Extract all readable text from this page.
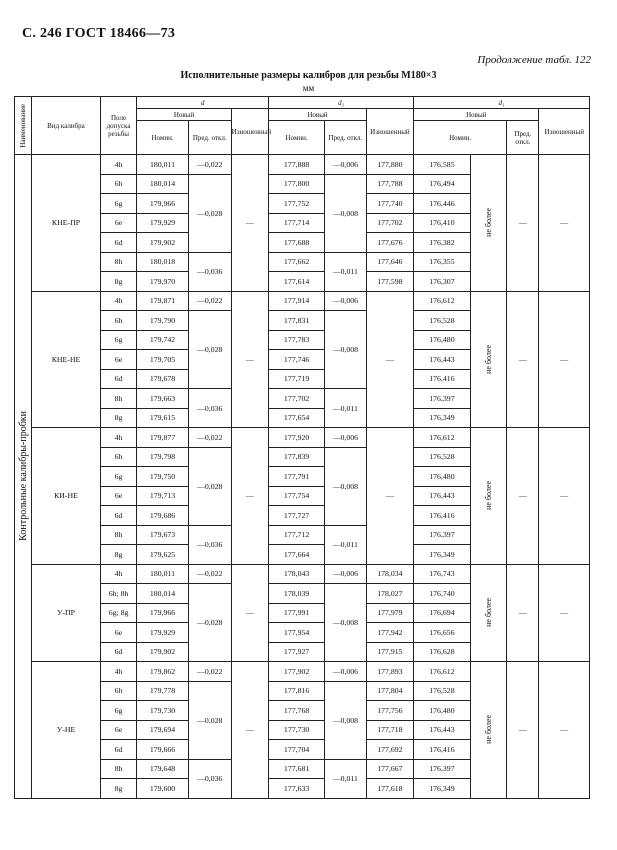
С. 246 ГОСТ 18466—73
Продолжение табл. 122
Исполнительные размеры калибров для резьбы М180×3
мм
Наименование	Вид калибра	Поле допуска резьбы	d			d₂			d₁			
			Новый		Изношенный	Новый		Изношенный	Новый			Изношенный
			Номин.	Пред. откл.		Номин.	Пред. откл.		Номин.		Пред. откл.	

Контрольные калибры-пробки	КНЕ-ПР	4h	180,011	—0,022	—	177,888	—0,006	177,880	176,585	не более	—	—
		6h	180,014	—0,028		177,800	—0,008	177,788	176,494			
		6g	179,966			177,752		177,740	176,446			
		6e	179,929			177,714		177,702	176,410			
		6d	179,902			177,688		177,676	176,382			
		8h	180,018	—0,036		177,662	—0,011	177,646	176,355			
		8g	179,970			177,614		177,598	176,307			
	КНЕ-НЕ	4h	179,871	—0,022	—	177,914	—0,006	—	176,612	не более	—	—
		6h	179,790	—0,028		177,831	—0,008		176,528			
		6g	179,742			177,783			176,480			
		6e	179,705			177,746			176,443			
		6d	179,678			177,719			176,416			
		8h	179,663	—0,036		177,702	—0,011		176,397			
		8g	179,615			177,654			176,349			
	КИ-НЕ	4h	179,877	—0,022	—	177,920	—0,006	—	176,612	не более	—	—
		6h	179,798	—0,028		177,839	—0,008		176,528			
		6g	179,750			177,791			176,480			
		6e	179,713			177,754			176,443			
		6d	179,686			177,727			176,416			
		8h	179,673	—0,036		177,712	—0,011		176,397			
		8g	179,625			177,664			176,349			
	У-ПР	4h	180,011	—0,022	—	178,043	—0,006	178,034	176,743	не более	—	—
		6h; 8h	180,014	—0,028		178,039	—0,008	178,027	176,740			
		6g; 8g	179,966			177,991		177,979	176,694			
		6e	179,929			177,954		177,942	176,656			
		6d	179,902			177,927		177,915	176,628			
	У-НЕ	4h	179,862	—0,022	—	177,902	—0,006	177,893	176,612	не более	—	—
		6h	179,778	—0,028		177,816	—0,008	177,804	176,528			
		6g	179,730			177,768		177,756	176,480			
		6e	179,694			177,730		177,718	176,443			
		6d	179,666			177,704		177,692	176,416			
		8h	179,648	—0,036		177,681	—0,011	177,667	176,397			
		8g	179,600			177,633		177,618	176,349			
